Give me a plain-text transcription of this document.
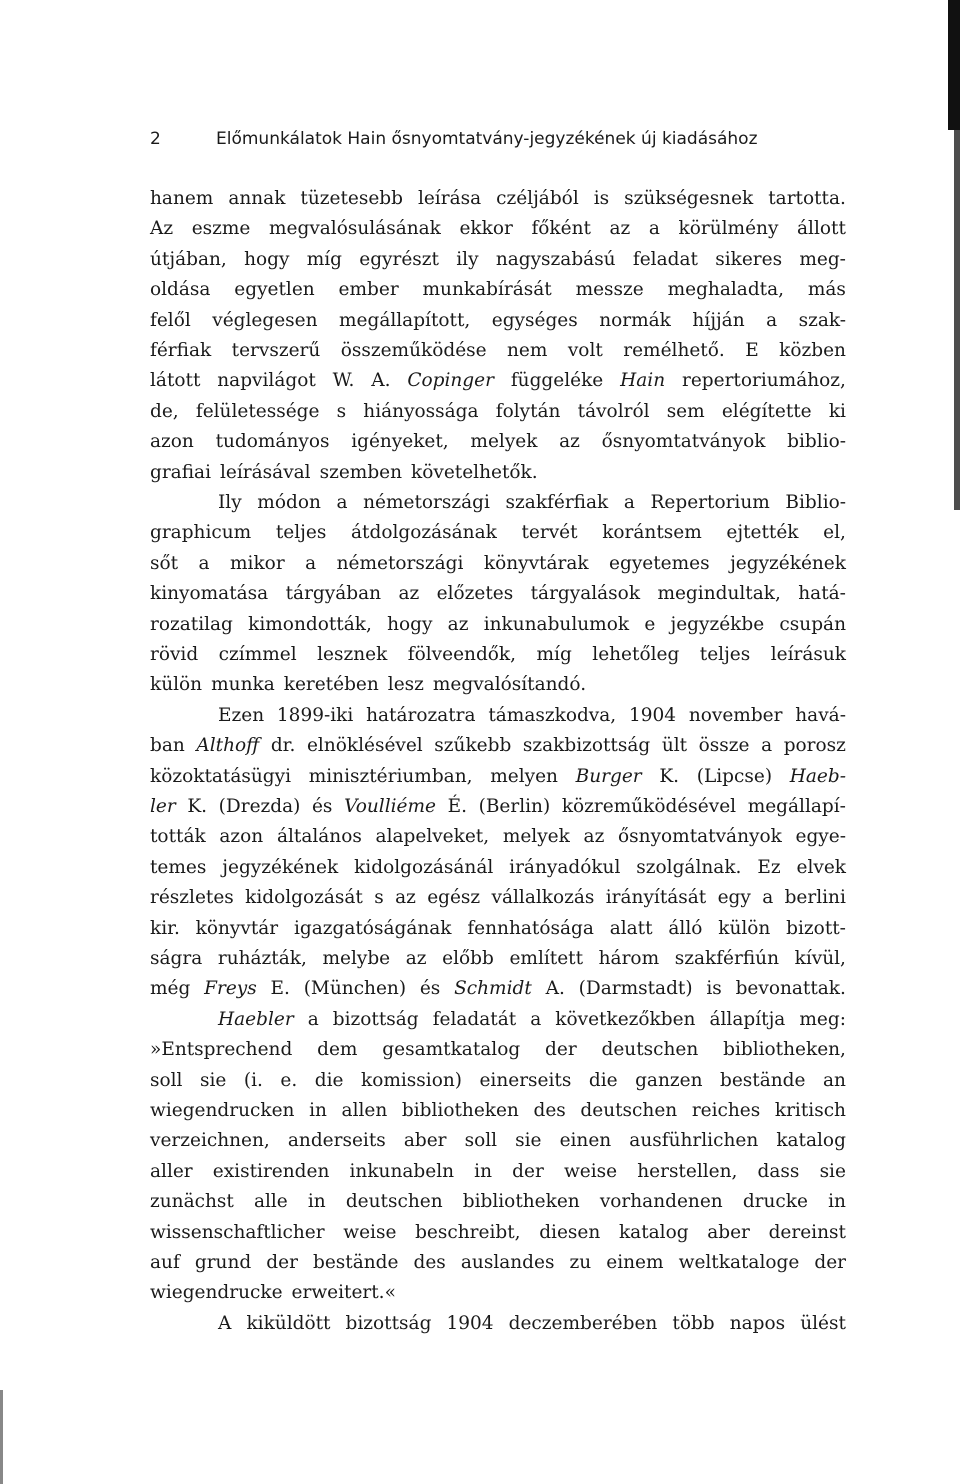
2	Előmunkálatok Hain ősnyomtatvány-jegyzékének új kiadásához
hanem annak tüzetesebb leírása czéljából is szükségesnek tartotta.
Az eszme megvalósulásának ekkor főként az a körülmény állott
útjában, hogy míg egyrészt ily nagyszabású feladat sikeres meg-
oldása egyetlen ember munkabírását messze meghaladta, más
felől véglegesen megállapított, egységes normák híjján a szak-
férfiak tervszerű összeműködése nem volt remélhető. E közben
látott napvilágot W. A. Copinger függeléke Hain repertoriumához,
de, felületessége s hiányossága folytán távolról sem elégítette ki
azon tudományos igényeket, melyek az ősnyomtatványok biblio-
grafiai leírásával szemben követelhetők.
Ily módon a németországi szakférfiak a Repertorium Biblio-
graphicum teljes átdolgozásának tervét korántsem ejtették el,
sőt a mikor a németországi könyvtárak egyetemes jegyzékének
kinyomatása tárgyában az előzetes tárgyalások megindultak, hatá-
rozatilag kimondották, hogy az inkunabulumok e jegyzékbe csupán
rövid czímmel lesznek fölveendők, míg lehetőleg teljes leírásuk
külön munka keretében lesz megvalósítandó.
Ezen 1899-iki határozatra támaszkodva, 1904 november havá-
ban Althoff dr. elnöklésével szűkebb szakbizottság ült össze a porosz
közoktatásügyi minisztériumban, melyen Burger K. (Lipcse) Haeb-
ler K. (Drezda) és Voulliéme É. (Berlin) közreműködésével megállapí-
tották azon általános alapelveket, melyek az ősnyomtatványok egye-
temes jegyzékének kidolgozásánál irányadókul szolgálnak. Ez elvek
részletes kidolgozását s az egész vállalkozás irányítását egy a berlini
kir. könyvtár igazgatóságának fennhatósága alatt álló külön bizott-
ságra ruházták, melybe az előbb említett három szakférfiún kívül,
még Freys E. (München) és Schmidt A. (Darmstadt) is bevonattak.
Haebler a bizottság feladatát a következőkben állapítja meg:
»Entsprechend dem gesamtkatalog der deutschen bibliotheken,
soll sie (i. e. die komission) einerseits die ganzen bestände an
wiegendrucken in allen bibliotheken des deutschen reiches kritisch
verzeichnen, anderseits aber soll sie einen ausführlichen katalog
aller existirenden inkunabeln in der weise herstellen, dass sie
zunächst alle in deutschen bibliotheken vorhandenen drucke in
wissenschaftlicher weise beschreibt, diesen katalog aber dereinst
auf grund der bestände des auslandes zu einem weltkataloge der
wiegendrucke erweitert.«
A kiküldött bizottság 1904 deczemberében több napos ülést
